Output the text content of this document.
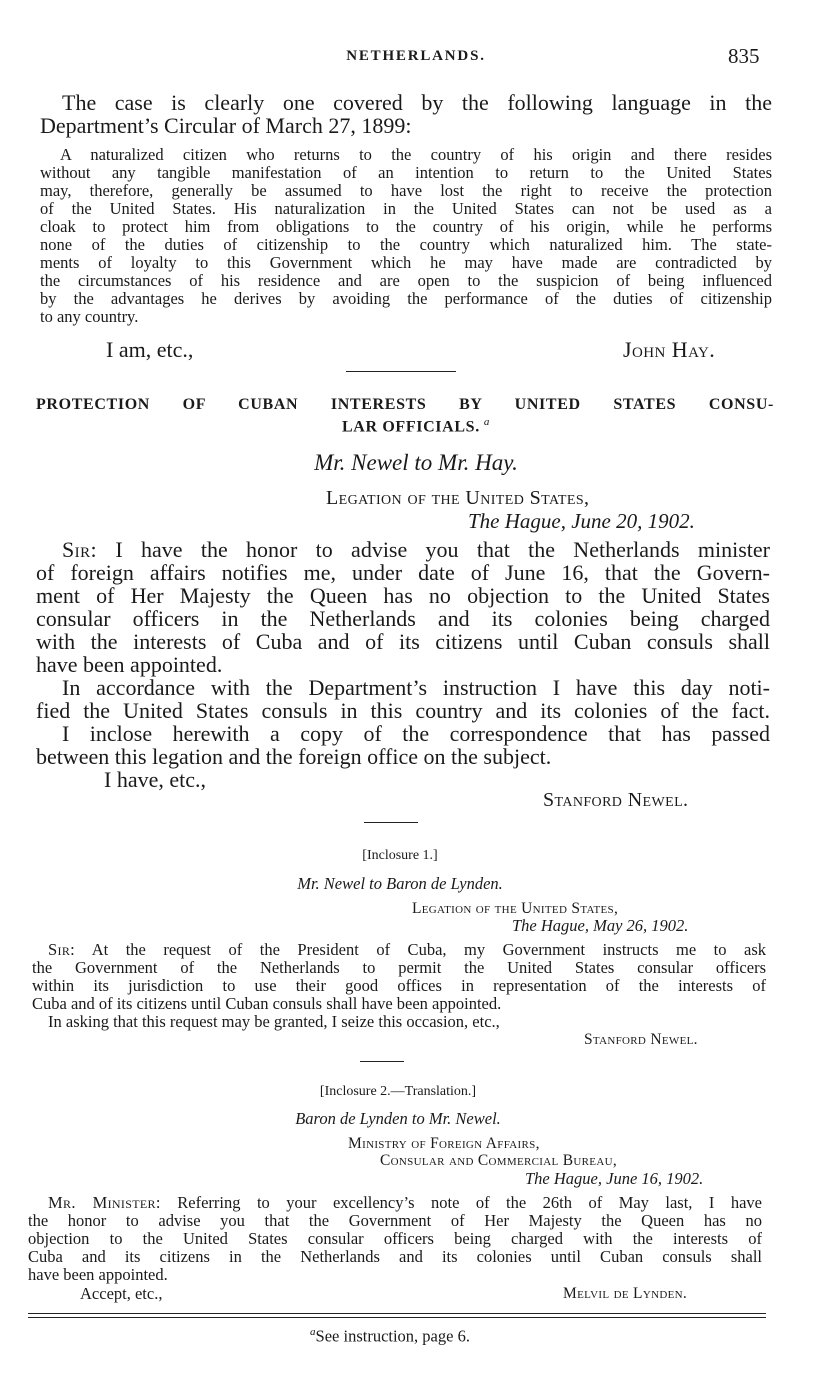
NETHERLANDS.	835
The case is clearly one covered by the following language in the
Department’s Circular of March 27, 1899:
A naturalized citizen who returns to the country of his origin and there resides
without any tangible manifestation of an intention to return to the United States
may, therefore, generally be assumed to have lost the right to receive the protection
of the United States. His naturalization in the United States can not be used as a
cloak to protect him from obligations to the country of his origin, while he performs
none of the duties of citizenship to the country which naturalized him. The state-
ments of loyalty to this Government which he may have made are contradicted by
the circumstances of his residence and are open to the suspicion of being influenced
by the advantages he derives by avoiding the performance of the duties of citizenship
to any country.
I am, etc.,	John Hay.
PROTECTION OF CUBAN INTERESTS BY UNITED STATES CONSU-
LAR OFFICIALS. $^a$
Mr. Newel to Mr. Hay.
Legation of the United States,
The Hague, June 20, 1902.
Sir: I have the honor to advise you that the Netherlands minister
of foreign affairs notifies me, under date of June 16, that the Govern-
ment of Her Majesty the Queen has no objection to the United States
consular officers in the Netherlands and its colonies being charged
with the interests of Cuba and of its citizens until Cuban consuls shall
have been appointed.
In accordance with the Department’s instruction I have this day noti-
fied the United States consuls in this country and its colonies of the fact.
I inclose herewith a copy of the correspondence that has passed
between this legation and the foreign office on the subject.
I have, etc.,
Stanford Newel.
[Inclosure 1.]
Mr. Newel to Baron de Lynden.
Legation of the United States,
The Hague, May 26, 1902.
Sir: At the request of the President of Cuba, my Government instructs me to ask
the Government of the Netherlands to permit the United States consular officers
within its jurisdiction to use their good offices in representation of the interests of
Cuba and of its citizens until Cuban consuls shall have been appointed.
In asking that this request may be granted, I seize this occasion, etc.,
Stanford Newel.
[Inclosure 2.—Translation.]
Baron de Lynden to Mr. Newel.
Ministry of Foreign Affairs,
Consular and Commercial Bureau,
The Hague, June 16, 1902.
Mr. Minister: Referring to your excellency’s note of the 26th of May last, I have
the honor to advise you that the Government of Her Majesty the Queen has no
objection to the United States consular officers being charged with the interests of
Cuba and its citizens in the Netherlands and its colonies until Cuban consuls shall
have been appointed.
Accept, etc.,	Melvil de Lynden.
$^a$See instruction, page 6.
